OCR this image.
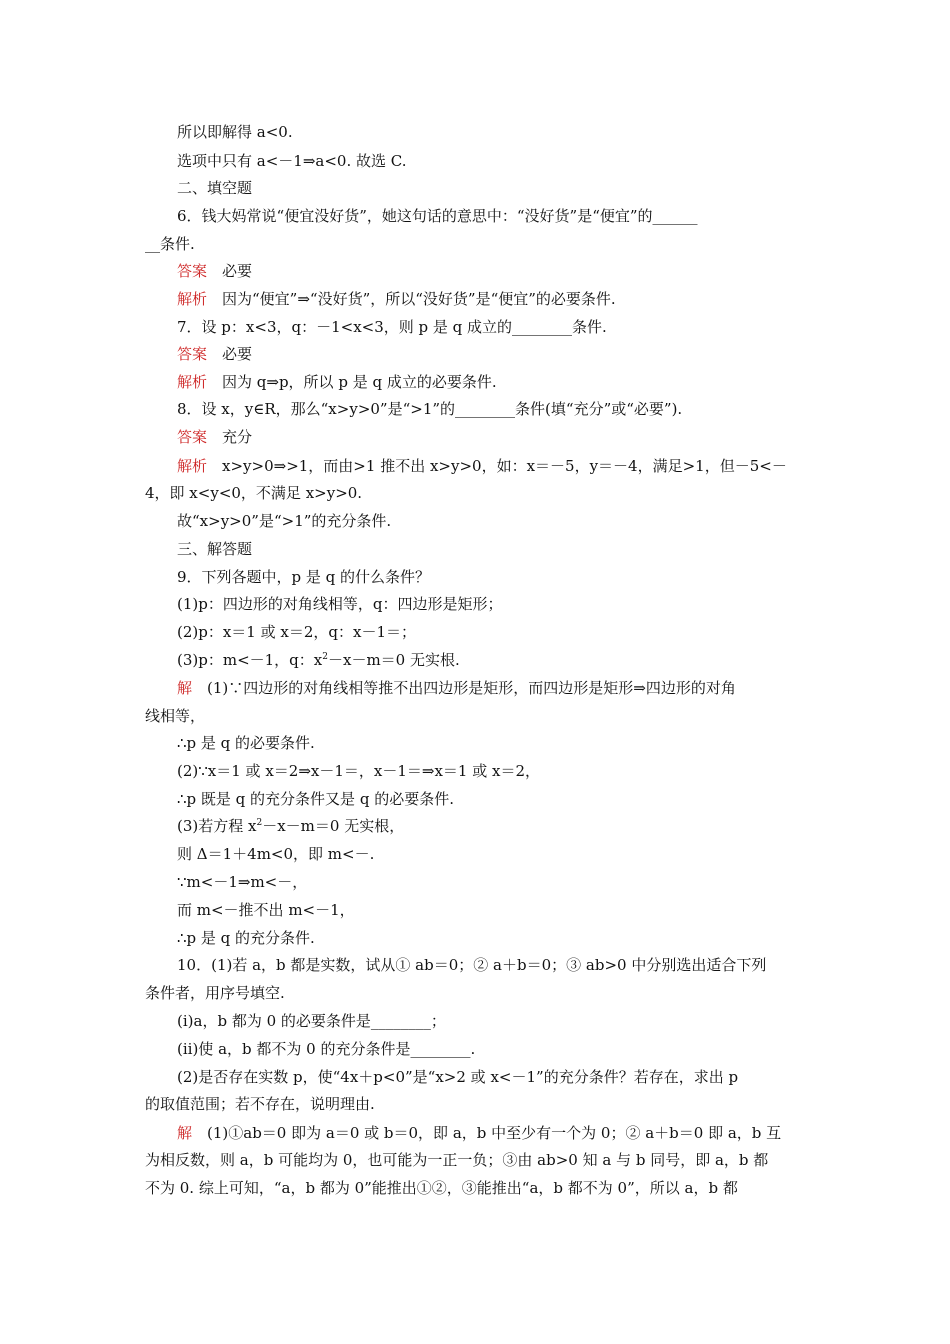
所以即解得 a<0.
选项中只有 a<－1⇒a<0. 故选 C.
二、填空题
6．钱大妈常说“便宜没好货”，她这句话的意思中：“没好货”是“便宜”的______
__条件.
答案　必要
解析　因为“便宜”⇒“没好货”，所以“没好货”是“便宜”的必要条件.
7．设 p：x<3，q：－1<x<3，则 p 是 q 成立的________条件.
答案　必要
解析　因为 q⇒p，所以 p 是 q 成立的必要条件.
8．设 x，y∈R，那么“x>y>0”是“>1”的________条件(填“充分”或“必要”).
答案　充分
解析　x>y>0⇒>1，而由>1 推不出 x>y>0，如：x＝－5，y＝－4，满足>1，但－5<－
4，即 x<y<0，不满足 x>y>0.
故“x>y>0”是“>1”的充分条件.
三、解答题
9．下列各题中，p 是 q 的什么条件？
(1)p：四边形的对角线相等，q：四边形是矩形；
(2)p：x＝1 或 x＝2，q：x－1＝；
(3)p：m<－1，q：$x^2-x-m=0$ 无实根.
解　(1)∵四边形的对角线相等推不出四边形是矩形，而四边形是矩形⇒四边形的对角
线相等，
∴p 是 q 的必要条件.
(2)∵x＝1 或 x＝2⇒x－1＝，x－1＝⇒x＝1 或 x＝2，
∴p 既是 q 的充分条件又是 q 的必要条件.
(3)若方程 $x^2-x-m=0$ 无实根，
则 Δ＝1＋4m<0，即 m<－.
∵m<－1⇒m<－，
而 m<－推不出 m<－1，
∴p 是 q 的充分条件.
10．(1)若 a，b 都是实数，试从① ab＝0；② a＋b＝0；③ ab>0 中分别选出适合下列
条件者，用序号填空.
(ⅰ)a，b 都为 0 的必要条件是________；
(ⅱ)使 a，b 都不为 0 的充分条件是________.
(2)是否存在实数 p，使“4x＋p<0”是“x>2 或 x<－1”的充分条件？若存在，求出 p
的取值范围；若不存在，说明理由.
解　(1)①ab＝0 即为 a＝0 或 b＝0，即 a，b 中至少有一个为 0；② a＋b＝0 即 a，b 互
为相反数，则 a，b 可能均为 0，也可能为一正一负；③由 ab>0 知 a 与 b 同号，即 a，b 都
不为 0. 综上可知，“a，b 都为 0”能推出①②，③能推出“a，b 都不为 0”，所以 a，b 都
